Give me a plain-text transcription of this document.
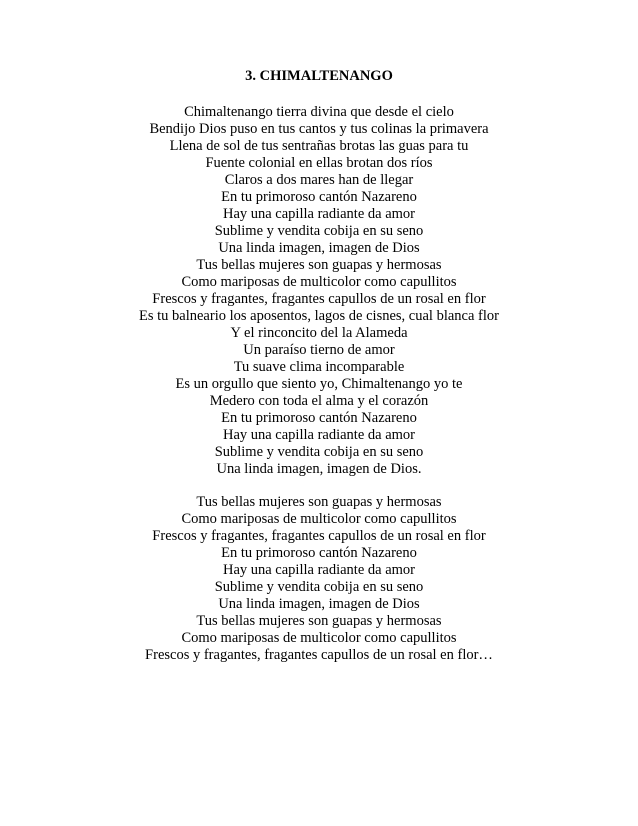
3. CHIMALTENANGO
Chimaltenango tierra divina que desde el cielo
Bendijo Dios puso en tus cantos y tus colinas la primavera
Llena de sol de tus sentrañas brotas las guas para tu
Fuente colonial en ellas brotan dos ríos
Claros a dos mares han de llegar
En tu primoroso cantón Nazareno
Hay una capilla radiante da amor
Sublime y vendita cobija en su seno
Una linda imagen, imagen de Dios
Tus bellas mujeres son guapas y hermosas
Como mariposas de multicolor como capullitos
Frescos y fragantes, fragantes capullos de un rosal en flor
Es tu balneario los aposentos, lagos de cisnes, cual blanca flor
Y el rinconcito del la Alameda
Un paraíso tierno de amor
Tu suave clima incomparable
Es un orgullo que siento yo, Chimaltenango yo te
Medero con toda el alma y el corazón
En tu primoroso cantón Nazareno
Hay una capilla radiante da amor
Sublime y vendita cobija en su seno
Una linda imagen, imagen de Dios.
Tus bellas mujeres son guapas y hermosas
Como mariposas de multicolor como capullitos
Frescos y fragantes, fragantes capullos de un rosal en flor
En tu primoroso cantón Nazareno
Hay una capilla radiante da amor
Sublime y vendita cobija en su seno
Una linda imagen, imagen de Dios
Tus bellas mujeres son guapas y hermosas
Como mariposas de multicolor como capullitos
Frescos y fragantes, fragantes capullos de un rosal en flor…
